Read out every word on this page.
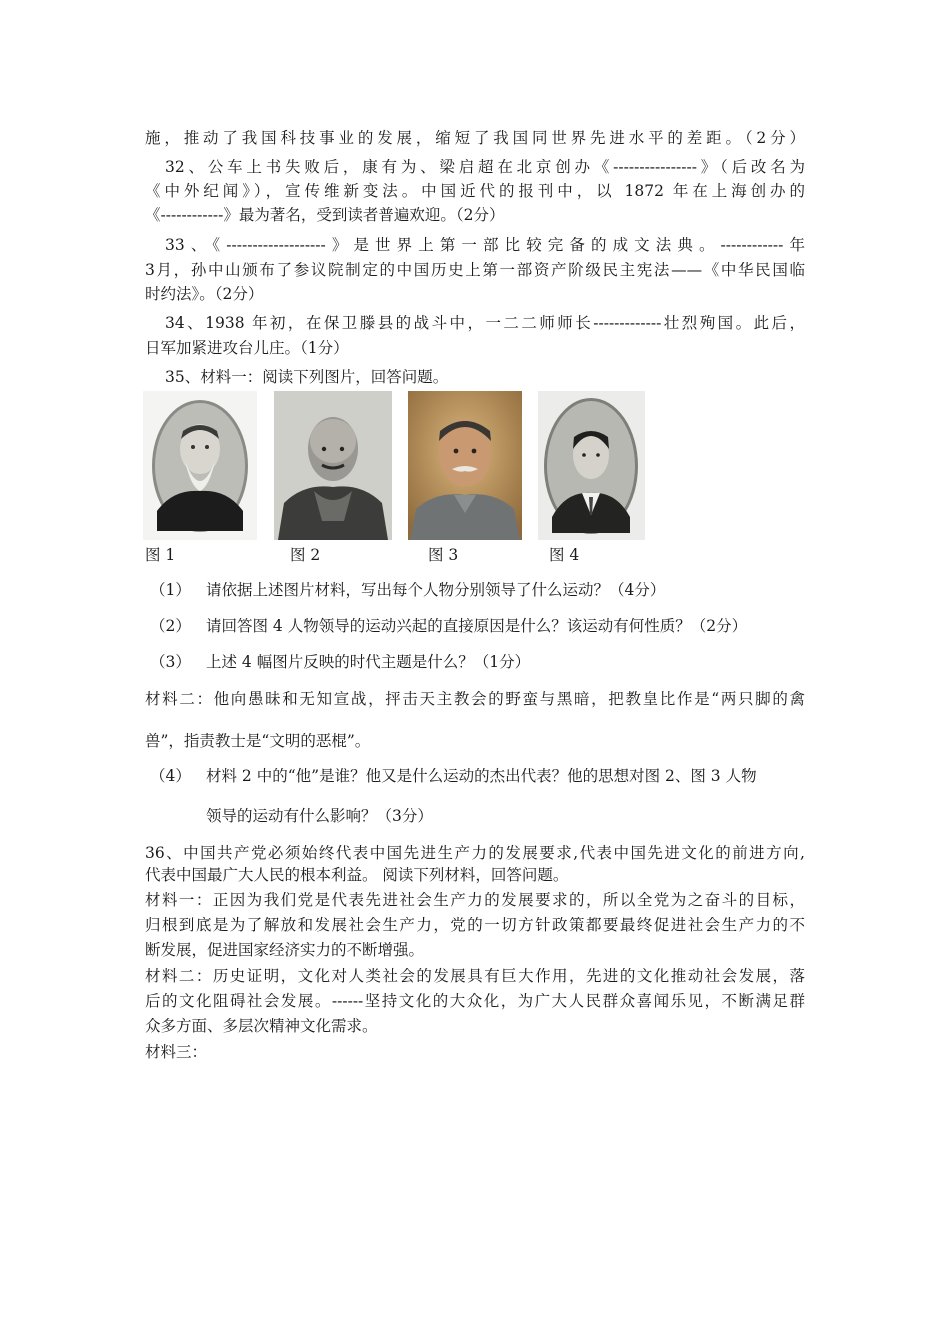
施，推动了我国科技事业的发展，缩短了我国同世界先进水平的差距。（2分）
32、公车上书失败后，康有为、梁启超在北京创办《----------------》（后改名为
《中外纪闻》），宣传维新变法。中国近代的报刊中，以 1872 年在上海创办的
《------------》最为著名，受到读者普遍欢迎。（2分）
33、《-------------------》是世界上第一部比较完备的成文法典。------------年
3月，孙中山颁布了参议院制定的中国历史上第一部资产阶级民主宪法——《中华民国临
时约法》。（2分）
34、1938 年初，在保卫滕县的战斗中，一二二师师长-------------壮烈殉国。此后，
日军加紧进攻台儿庄。（1分）
35、材料一：阅读下列图片，回答问题。
图 1	图 2	图 3	图 4
（1） 请依据上述图片材料，写出每个人物分别领导了什么运动？（4分）
（2） 请回答图 4 人物领导的运动兴起的直接原因是什么？该运动有何性质？（2分）
（3） 上述 4 幅图片反映的时代主题是什么？（1分）
材料二：他向愚昧和无知宣战，抨击天主教会的野蛮与黑暗，把教皇比作是“两只脚的禽
兽”，指责教士是“文明的恶棍”。
（4） 材料 2 中的“他”是谁？他又是什么运动的杰出代表？他的思想对图 2、图 3 人物
领导的运动有什么影响？（3分）
36、中国共产党必须始终代表中国先进生产力的发展要求,代表中国先进文化的前进方向,
代表中国最广大人民的根本利益。 阅读下列材料，回答问题。
材料一：正因为我们党是代表先进社会生产力的发展要求的，所以全党为之奋斗的目标，
归根到底是为了解放和发展社会生产力，党的一切方针政策都要最终促进社会生产力的不
断发展，促进国家经济实力的不断增强。
材料二：历史证明，文化对人类社会的发展具有巨大作用，先进的文化推动社会发展，落
后的文化阻碍社会发展。------坚持文化的大众化，为广大人民群众喜闻乐见，不断满足群
众多方面、多层次精神文化需求。
材料三：
